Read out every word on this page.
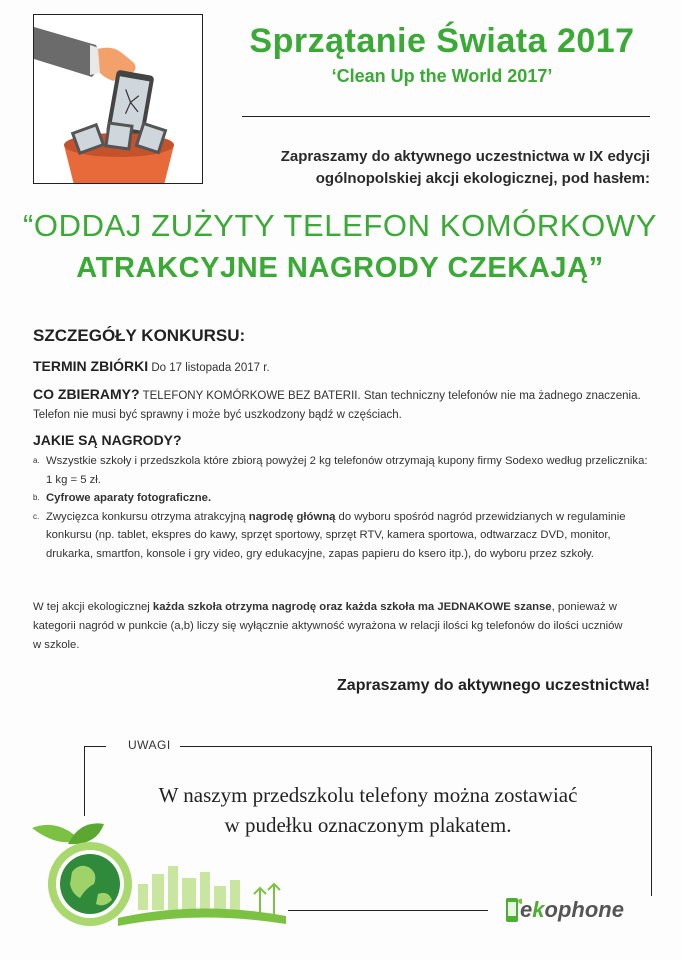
Sprzątanie Świata 2017
‘Clean Up the World 2017’
Zapraszamy do aktywnego uczestnictwa w IX edycji
ogólnopolskiej akcji ekologicznej, pod hasłem:
“ODDAJ ZUŻYTY TELEFON KOMÓRKOWY
ATRAKCYJNE NAGRODY CZEKAJĄ”
SZCZEGÓŁY KONKURSU:
TERMIN ZBIÓRKI Do 17 listopada 2017 r.
CO ZBIERAMY? TELEFONY KOMÓRKOWE BEZ BATERII. Stan techniczny telefonów nie ma żadnego znaczenia. Telefon nie musi być sprawny i może być uszkodzony bądź w częściach.
JAKIE SĄ NAGRODY?
a. Wszystkie szkoły i przedszkola które zbiorą powyżej 2 kg telefonów otrzymają kupony firmy Sodexo według przelicznika: 1 kg = 5 zł.
b. Cyfrowe aparaty fotograficzne.
c. Zwycięzca konkursu otrzyma atrakcyjną nagrodę główną do wyboru spośród nagród przewidzianych w regulaminie konkursu (np. tablet, ekspres do kawy, sprzęt sportowy, sprzęt RTV, kamera sportowa, odtwarzacz DVD, monitor, drukarka, smartfon, konsole i gry video, gry edukacyjne, zapas papieru do ksero itp.), do wyboru przez szkoły.
W tej akcji ekologicznej każda szkoła otrzyma nagrodę oraz każda szkoła ma JEDNAKOWE szanse, ponieważ w kategorii nagród w punkcie (a,b) liczy się wyłącznie aktywność wyrażona w relacji ilości kg telefonów do ilości uczniów w szkole.
Zapraszamy do aktywnego uczestnictwa!
UWAGI
W naszym przedszkolu telefony można zostawiać
w pudełku oznaczonym plakatem.
ekophone
